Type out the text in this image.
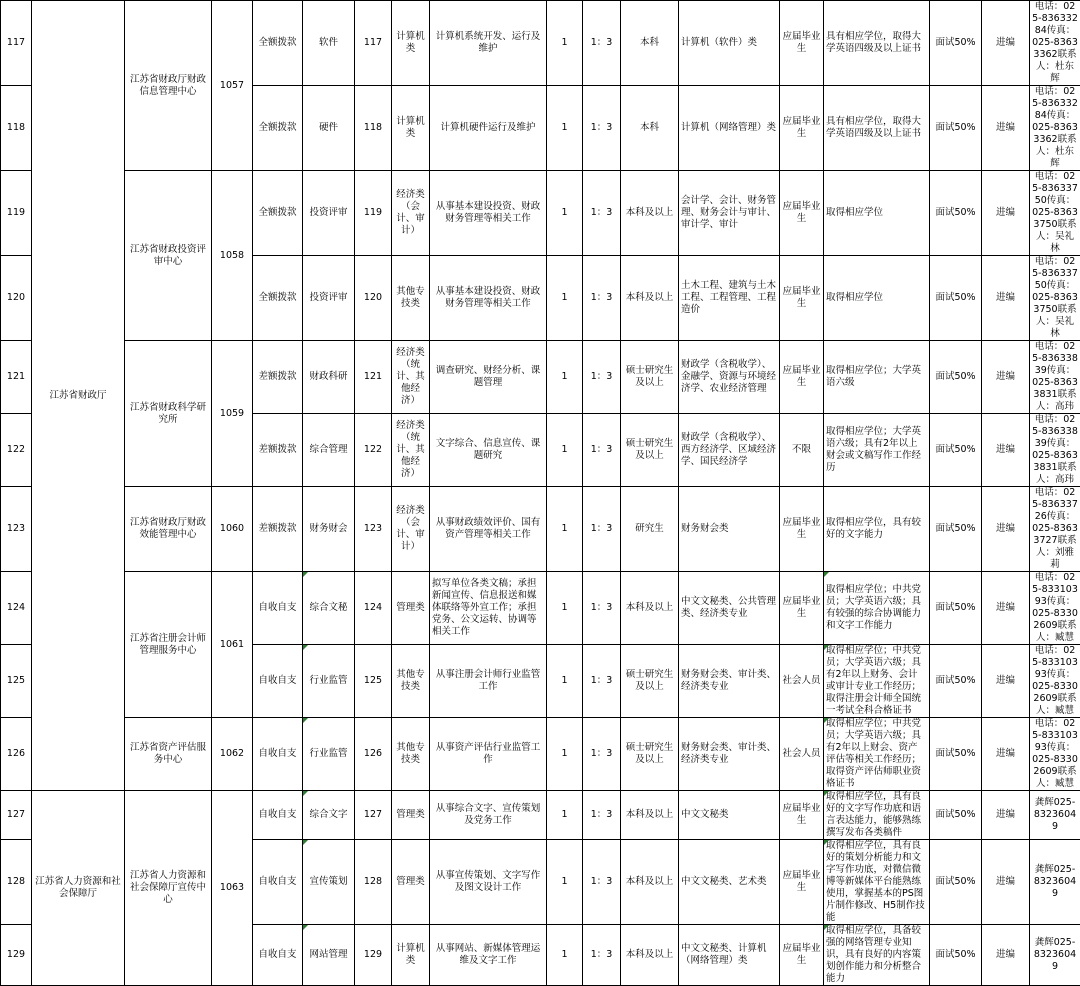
117	江苏省财政厅	江苏省财政厅财政信息管理中心	1057	全额拨款	软件	117	计算机类	计算机系统开发、运行及维护	1	1：3	本科	计算机（软件）类	应届毕业生	具有相应学位，取得大学英语四级及以上证书	面试50%	进编	电话：025-83633284传真：025-83633362联系人：杜东辉
118				全额拨款	硬件	118	计算机类	计算机硬件运行及维护	1	1：3	本科	计算机（网络管理）类	应届毕业生	具有相应学位，取得大学英语四级及以上证书	面试50%	进编	电话：025-83633284传真：025-83633362联系人：杜东辉
119		江苏省财政投资评审中心	1058	全额拨款	投资评审	119	经济类（会计、审计）	从事基本建设投资、财政财务管理等相关工作	1	1：3	本科及以上	会计学、会计、财务管理、财务会计与审计、审计学、审计	应届毕业生	取得相应学位	面试50%	进编	电话：025-83633750传真：025-83633750联系人：吴礼林
120				全额拨款	投资评审	120	其他专技类	从事基本建设投资、财政财务管理等相关工作	1	1：3	本科及以上	土木工程、建筑与土木工程、工程管理、工程造价	应届毕业生	取得相应学位	面试50%	进编	电话：025-83633750传真：025-83633750联系人：吴礼林
121		江苏省财政科学研究所	1059	差额拨款	财政科研	121	经济类（统计、其他经济）	调查研究、财经分析、课题管理	1	1：3	硕士研究生及以上	财政学（含税收学）、金融学、资源与环境经济学、农业经济管理	应届毕业生	取得相应学位；大学英语六级	面试50%	进编	电话：025-83633839传真：025-83633831联系人：高玮
122				差额拨款	综合管理	122	经济类（统计、其他经济）	文字综合、信息宣传、课题研究	1	1：3	硕士研究生及以上	财政学（含税收学）、西方经济学、区域经济学、国民经济学	不限	取得相应学位；大学英语六级；具有2年以上财会或文稿写作工作经历	面试50%	进编	电话：025-83633839传真：025-83633831联系人：高玮
123		江苏省财政厅财政效能管理中心	1060	差额拨款	财务财会	123	经济类（会计、审计）	从事财政绩效评价、国有资产管理等相关工作	1	1：3	研究生	财务财会类	应届毕业生	取得相应学位，具有较好的文字能力	面试50%	进编	电话：025-83633726传真：025-83633727联系人：刘雅莉
124		江苏省注册会计师管理服务中心	1061	自收自支	综合文秘	124	管理类	拟写单位各类文稿；承担新闻宣传、信息报送和媒体联络等外宣工作；承担党务、公文运转、协调等相关工作	1	1：3	本科及以上	中文文秘类、公共管理类、经济类专业	应届毕业生	取得相应学位；中共党员；大学英语六级；具有较强的综合协调能力和文字工作能力	面试50%	进编	电话：025-83310393传真：025-83302609联系人：臧慧
125				自收自支	行业监管	125	其他专技类	从事注册会计师行业监管工作	1	1：3	硕士研究生及以上	财务财会类、审计类、经济类专业	社会人员	取得相应学位；中共党员；大学英语六级；具有2年以上财务、会计或审计专业工作经历；取得注册会计师全国统一考试全科合格证书	面试50%	进编	电话：025-83310393传真：025-83302609联系人：臧慧
126		江苏省资产评估服务中心	1062	自收自支	行业监管	126	其他专技类	从事资产评估行业监管工作	1	1：3	硕士研究生及以上	财务财会类、审计类、经济类专业	社会人员	取得相应学位；中共党员；大学英语六级；具有2年以上财会、资产评估等相关工作经历；取得资产评估师职业资格证书	面试50%	进编	电话：025-83310393传真：025-83302609联系人：臧慧
127	江苏省人力资源和社会保障厅	江苏省人力资源和社会保障厅宣传中心	1063	自收自支	综合文字	127	管理类	从事综合文字、宣传策划及党务工作	1	1：3	本科及以上	中文文秘类	应届毕业生	取得相应学位，具有良好的文字写作功底和语言表达能力，能够熟练撰写发布各类稿件	面试50%	进编	龚辉025-83236049
128				自收自支	宣传策划	128	管理类	从事宣传策划、文字写作及图文设计工作	1	1：3	本科及以上	中文文秘类、艺术类	应届毕业生	取得相应学位，具有良好的策划分析能力和文字写作功底，对微信微博等新媒体平台能熟练使用，掌握基本的PS图片制作修改、H5制作技能	面试50%	进编	龚辉025-83236049
129				自收自支	网站管理	129	计算机类	从事网站、新媒体管理运维及文字工作	1	1：3	本科及以上	中文文秘类、计算机（网络管理）类	应届毕业生	取得相应学位，具备较强的网络管理专业知识，具有良好的内容策划创作能力和分析整合能力	面试50%	进编	龚辉025-83236049
